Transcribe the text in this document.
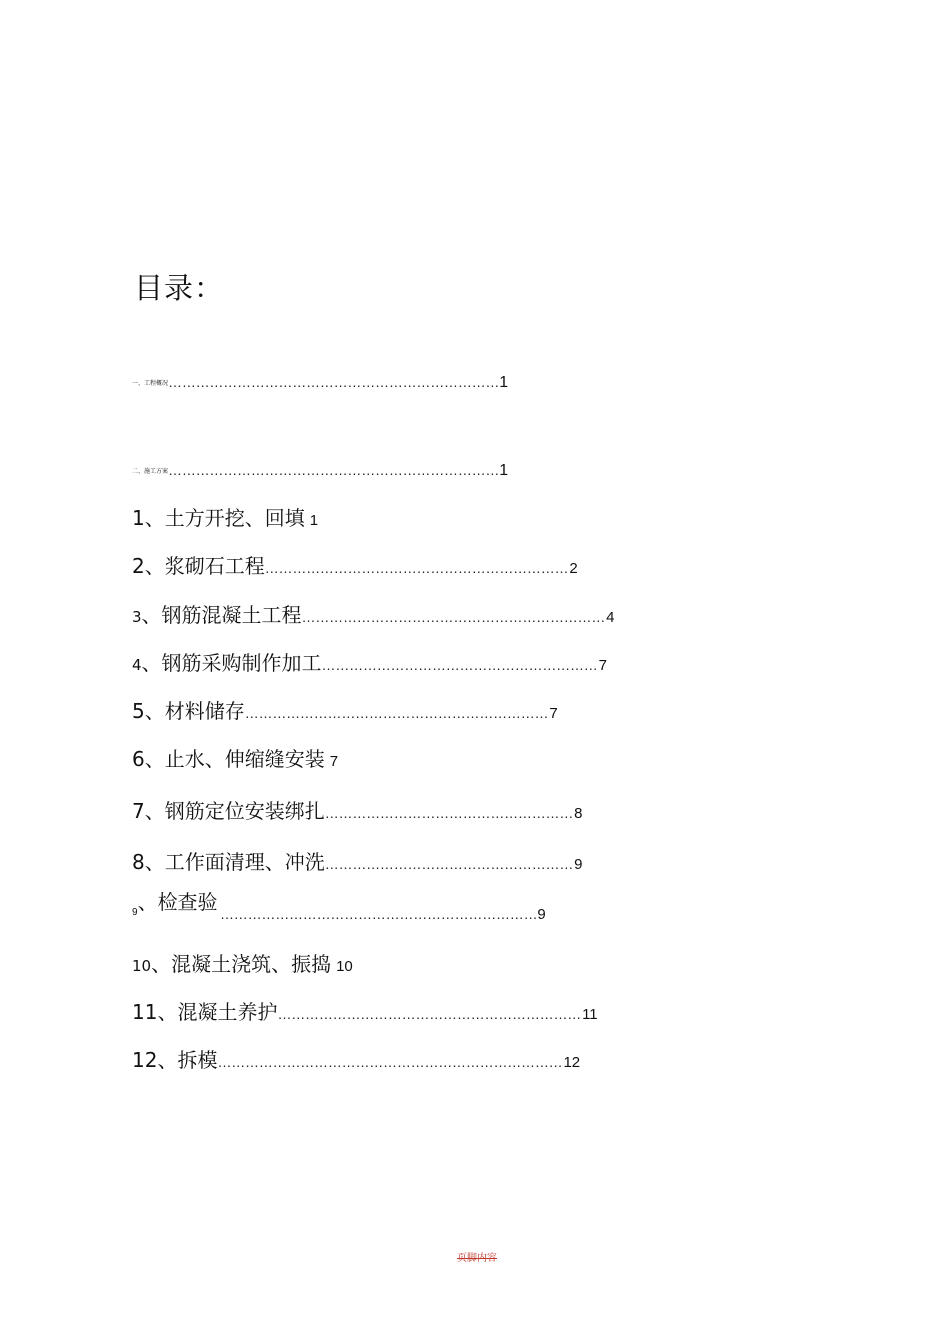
目录：
一、工程概况………………………………………………………………1
二、施工方案………………………………………………………………1
1、土方开挖、回填 1
2、浆砌石工程…………………………………………………………2
3、钢筋混凝土工程…………………………………………………………4
4、钢筋采购制作加工……………………………………………………7
5、材料储存…………………………………………………………7
6、止水、伸缩缝安装 7
7、钢筋定位安装绑扎………………………………………………8
8、工作面清理、冲洗………………………………………………9
$_9$、检查验 ……………………………………………………………9
10、混凝土浇筑、振捣 10
11、混凝土养护…………………………………………………………11
12、拆模…………………………………………………………………12
页脚内容
